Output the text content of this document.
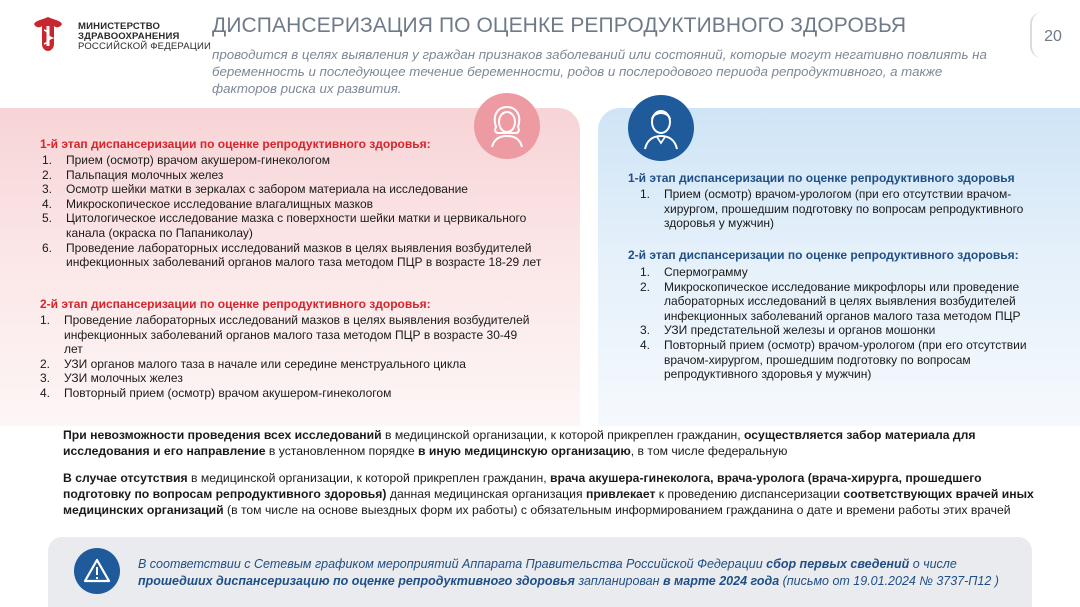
МИНИСТЕРСТВО
ЗДРАВООХРАНЕНИЯ
РОССИЙСКОЙ ФЕДЕРАЦИИ
ДИСПАНСЕРИЗАЦИЯ ПО ОЦЕНКЕ РЕПРОДУКТИВНОГО ЗДОРОВЬЯ
проводится в целях выявления у граждан признаков заболеваний или состояний, которые могут негативно повлиять на беременность и последующее течение беременности, родов и послеродового периода репродуктивного, а также факторов риска их развития.
20
1-й этап диспансеризации по оценке репродуктивного здоровья:
1. Прием (осмотр) врачом акушером-гинекологом
2. Пальпация молочных желез
3. Осмотр шейки матки в зеркалах с забором материала на исследование
4. Микроскопическое исследование влагалищных мазков
5. Цитологическое исследование мазка с поверхности шейки матки и цервикального канала (окраска по Папаниколау)
6. Проведение лабораторных исследований мазков в целях выявления возбудителей инфекционных заболеваний органов малого таза методом ПЦР в возрасте 18-29 лет
2-й этап диспансеризации по оценке репродуктивного здоровья:
1. Проведение лабораторных исследований мазков в целях выявления возбудителей инфекционных заболеваний органов малого таза методом ПЦР в возрасте 30-49 лет
2. УЗИ органов малого таза в начале или середине менструального цикла
3. УЗИ молочных желез
4. Повторный прием (осмотр) врачом акушером-гинекологом
1-й этап диспансеризации по оценке репродуктивного здоровья
1. Прием (осмотр) врачом-урологом (при его отсутствии врачом-хирургом, прошедшим подготовку по вопросам репродуктивного здоровья у мужчин)
2-й этап диспансеризации по оценке репродуктивного здоровья:
1. Спермограмму
2. Микроскопическое исследование микрофлоры или проведение лабораторных исследований в целях выявления возбудителей инфекционных заболеваний органов малого таза методом ПЦР
3. УЗИ предстательной железы и органов мошонки
4. Повторный прием (осмотр) врачом-урологом (при его отсутствии врачом-хирургом, прошедшим подготовку по вопросам репродуктивного здоровья у мужчин)
При невозможности проведения всех исследований в медицинской организации, к которой прикреплен гражданин, осуществляется забор материала для исследования и его направление в установленном порядке в иную медицинскую организацию, в том числе федеральную
В случае отсутствия в медицинской организации, к которой прикреплен гражданин, врача акушера-гинеколога, врача-уролога (врача-хирурга, прошедшего подготовку по вопросам репродуктивного здоровья) данная медицинская организация привлекает к проведению диспансеризации соответствующих врачей иных медицинских организаций (в том числе на основе выездных форм их работы) с обязательным информированием гражданина о дате и времени работы этих врачей
В соответствии с Сетевым графиком мероприятий Аппарата Правительства Российской Федерации сбор первых сведений о числе прошедших диспансеризацию по оценке репродуктивного здоровья запланирован в марте 2024 года (письмо от 19.01.2024 № 3737-П12 )
